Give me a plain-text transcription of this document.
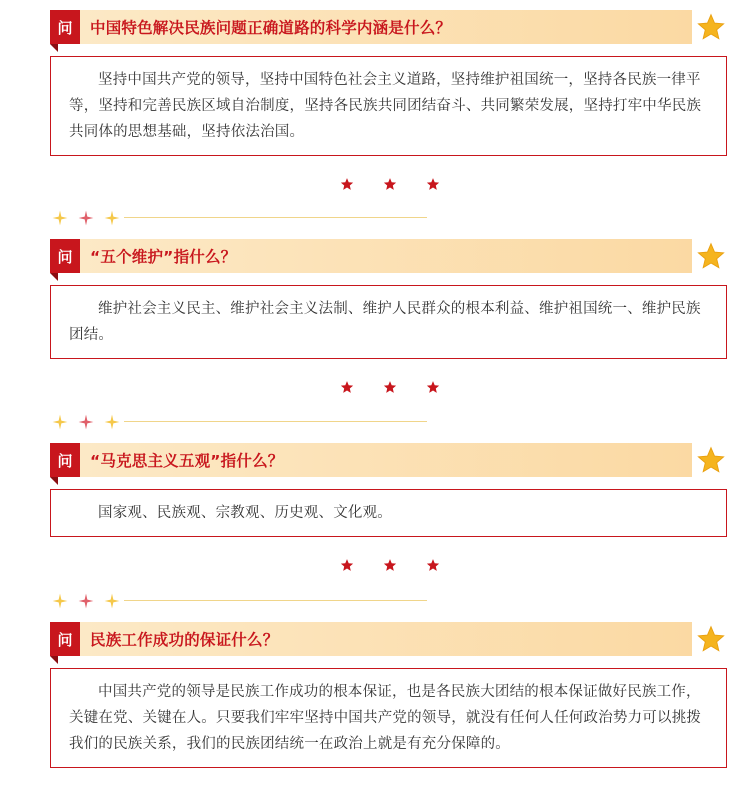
问	中国特色解决民族问题正确道路的科学内涵是什么？

坚持中国共产党的领导，坚持中国特色社会主义道路，坚持维护祖国统一，坚持各民族一律平等，坚持和完善民族区域自治制度，坚持各民族共同团结奋斗、共同繁荣发展，坚持打牢中华民族共同体的思想基础，坚持依法治国。

问	“五个维护”指什么？

维护社会主义民主、维护社会主义法制、维护人民群众的根本利益、维护祖国统一、维护民族团结。

问	“马克思主义五观”指什么？

国家观、民族观、宗教观、历史观、文化观。

问	民族工作成功的保证什么？

中国共产党的领导是民族工作成功的根本保证，也是各民族大团结的根本保证做好民族工作，关键在党、关键在人。只要我们牢牢坚持中国共产党的领导，就没有任何人任何政治势力可以挑拨我们的民族关系，我们的民族团结统一在政治上就是有充分保障的。
